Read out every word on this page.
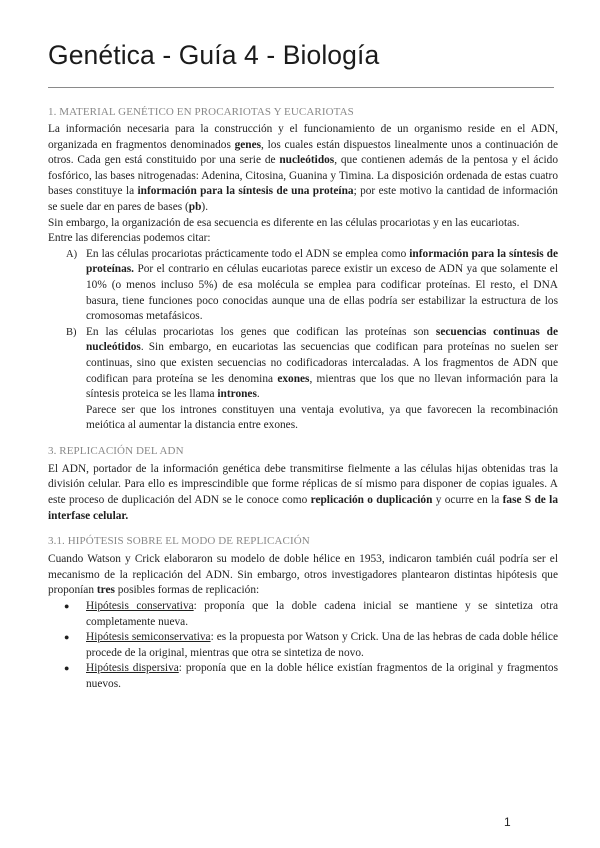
Genética - Guía 4 - Biología

1. MATERIAL GENÉTICO EN PROCARIOTAS Y EUCARIOTAS

La información necesaria para la construcción y el funcionamiento de un organismo reside en el ADN, organizada en fragmentos denominados genes, los cuales están dispuestos linealmente unos a continuación de otros. Cada gen está constituido por una serie de nucleótidos, que contienen además de la pentosa y el ácido fosfórico, las bases nitrogenadas: Adenina, Citosina, Guanina y Timina. La disposición ordenada de estas cuatro bases constituye la información para la síntesis de una proteína; por este motivo la cantidad de información se suele dar en pares de bases (pb).

Sin embargo, la organización de esa secuencia es diferente en las células procariotas y en las eucariotas.

Entre las diferencias podemos citar:

A) En las células procariotas prácticamente todo el ADN se emplea como información para la síntesis de proteínas. Por el contrario en células eucariotas parece existir un exceso de ADN ya que solamente el 10% (o menos incluso 5%) de esa molécula se emplea para codificar proteínas. El resto, el DNA basura, tiene funciones poco conocidas aunque una de ellas podría ser estabilizar la estructura de los cromosomas metafásicos.
B) En las células procariotas los genes que codifican las proteínas son secuencias continuas de nucleótidos. Sin embargo, en eucariotas las secuencias que codifican para proteínas no suelen ser continuas, sino que existen secuencias no codificadoras intercaladas. A los fragmentos de ADN que codifican para proteína se les denomina exones, mientras que los que no llevan información para la síntesis proteica se les llama intrones.
Parece ser que los intrones constituyen una ventaja evolutiva, ya que favorecen la recombinación meiótica al aumentar la distancia entre exones.

3. REPLICACIÓN DEL ADN

El ADN, portador de la información genética debe transmitirse fielmente a las células hijas obtenidas tras la división celular. Para ello es imprescindible que forme réplicas de sí mismo para disponer de copias iguales. A este proceso de duplicación del ADN se le conoce como replicación o duplicación y ocurre en la fase S de la interfase celular.

3.1. HIPÓTESIS SOBRE EL MODO DE REPLICACIÓN

Cuando Watson y Crick elaboraron su modelo de doble hélice en 1953, indicaron también cuál podría ser el mecanismo de la replicación del ADN. Sin embargo, otros investigadores plantearon distintas hipótesis que proponían tres posibles formas de replicación:

● Hipótesis conservativa: proponía que la doble cadena inicial se mantiene y se sintetiza otra completamente nueva.
● Hipótesis semiconservativa: es la propuesta por Watson y Crick. Una de las hebras de cada doble hélice procede de la original, mientras que otra se sintetiza de novo.
● Hipótesis dispersiva: proponía que en la doble hélice existían fragmentos de la original y fragmentos nuevos.
1
